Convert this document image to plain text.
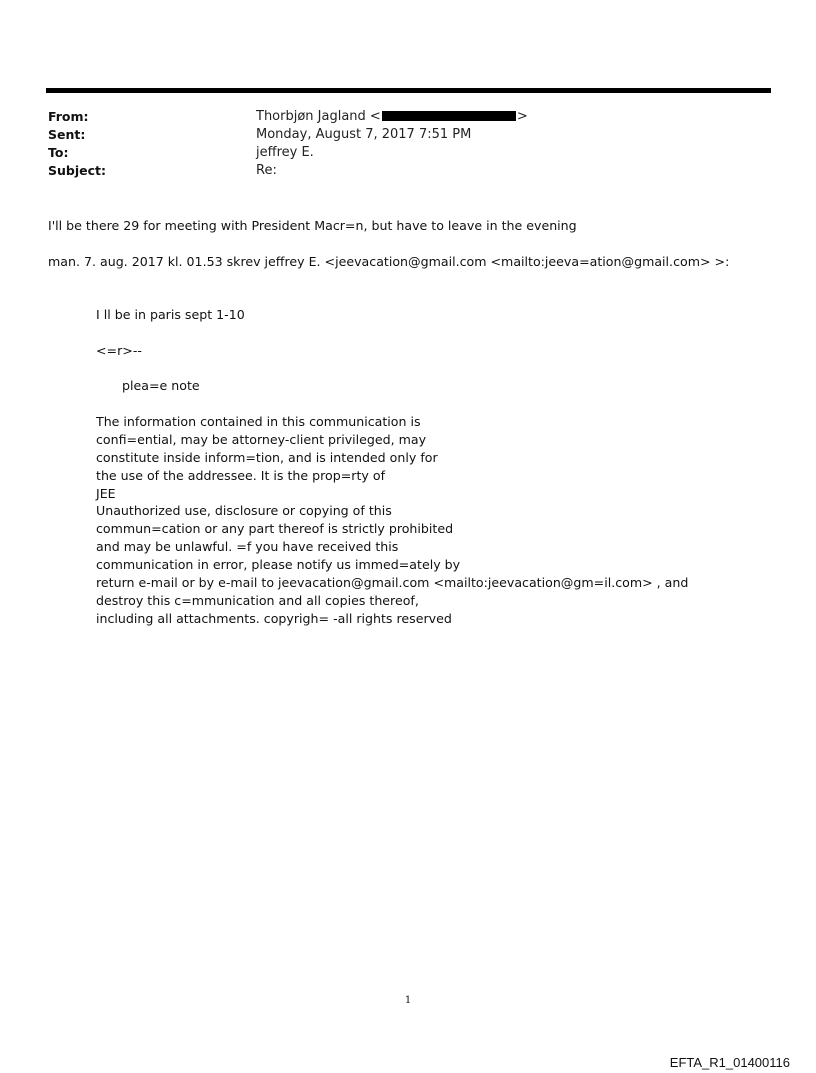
From:	Thorbjøn Jagland <	>
Sent:	Monday, August 7, 2017 7:51 PM
To:	jeffrey E.
Subject:	Re:
I'll be there 29 for meeting with President Macr=n, but have to leave in the evening
man. 7. aug. 2017 kl. 01.53 skrev jeffrey E. <jeevacation@gmail.com <mailto:jeeva=ation@gmail.com> >:
I ll be in paris sept 1-10
<=r>--
plea=e note
The information contained in this communication is
confi=ential, may be attorney-client privileged, may
constitute inside inform=tion, and is intended only for
the use of the addressee. It is the prop=rty of
JEE
Unauthorized use, disclosure or copying of this
commun=cation or any part thereof is strictly prohibited
and may be unlawful. =f you have received this
communication in error, please notify us immed=ately by
return e-mail or by e-mail to jeevacation@gmail.com <mailto:jeevacation@gm=il.com> , and
destroy this c=mmunication and all copies thereof,
including all attachments. copyrigh= -all rights reserved
1
EFTA_R1_01400116
